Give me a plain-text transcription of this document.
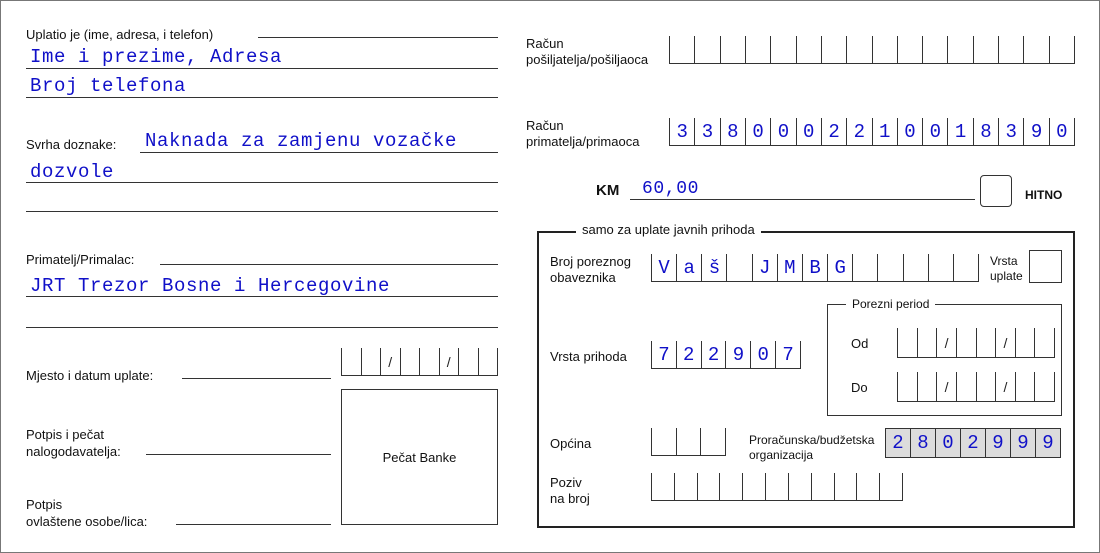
Uplatio je (ime, adresa, i telefon)
Ime i prezime, Adresa
Broj telefona
Svrha doznake: Naknada za zamjenu vozačke
dozvole
Primatelj/Primalac:
JRT Trezor Bosne i Hercegovine
Mjesto i datum uplate:
/	/
Potpis i pečat
nalogodavatelja:
Potpis
ovlaštene osobe/lica:
Pečat Banke
Račun
pošiljatelja/pošiljaoca
Račun
primatelja/primaoca	3 3 8 0 0 0 2 2 1 0 0 1 8 3 9 0
KM 60,00	HITNO
samo za uplate javnih prihoda
Broj poreznog
obaveznika	V a š	J M B G	Vrsta
uplate
Porezni period
Od	/	/
Do	/	/
Vrsta prihoda	7 2 2 9 0 7
Općina	Proračunska/budžetska
organizacija
2 8 0 2 9 9 9
Poziv
na broj
